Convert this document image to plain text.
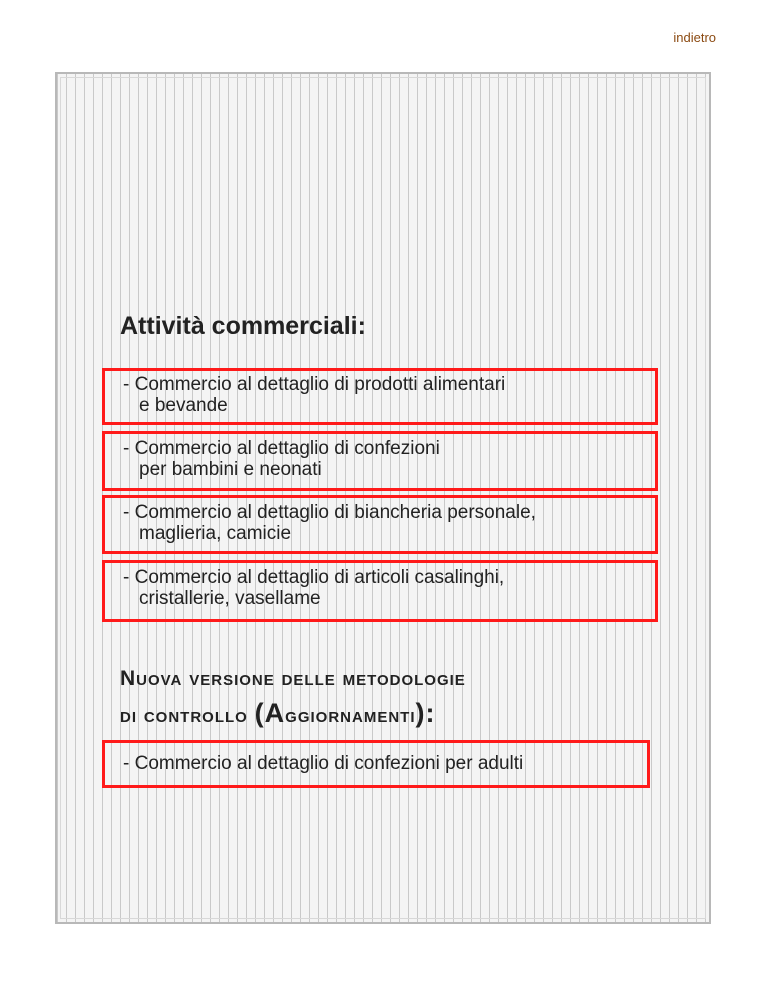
indietro
Attività commerciali:
- Commercio al dettaglio di prodotti alimentari
e bevande
- Commercio al dettaglio di confezioni
per bambini e neonati
- Commercio al dettaglio di biancheria personale,
maglieria, camicie
- Commercio al dettaglio di articoli casalinghi,
cristallerie, vasellame
Nuova versione delle metodologie
di controllo (Aggiornamenti):
- Commercio al dettaglio di confezioni per adulti
